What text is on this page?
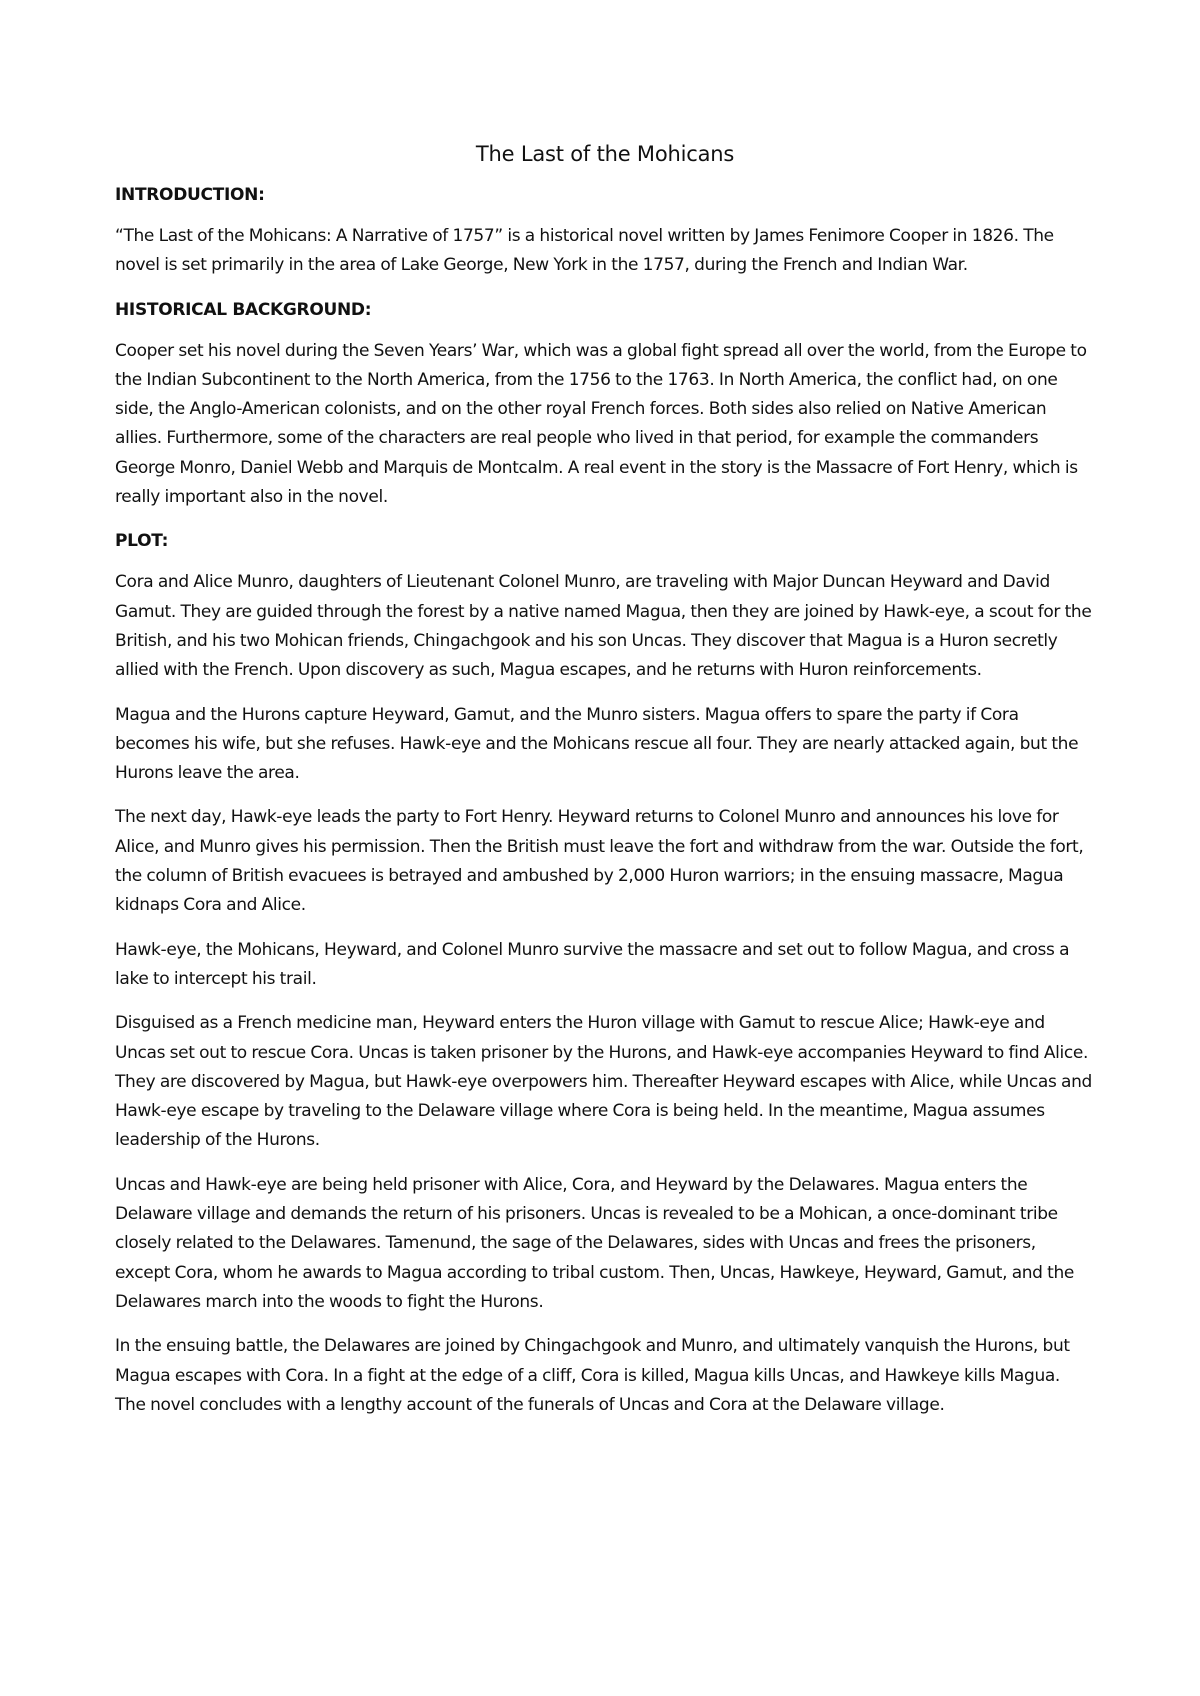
The Last of the Mohicans
INTRODUCTION:

“The Last of the Mohicans: A Narrative of 1757” is a historical novel written by James Fenimore Cooper in 1826. The novel is set primarily in the area of Lake George, New York in the 1757, during the French and Indian War.

HISTORICAL BACKGROUND:

Cooper set his novel during the Seven Years’ War, which was a global fight spread all over the world, from the Europe to the Indian Subcontinent to the North America, from the 1756 to the 1763. In North America, the conflict had, on one side, the Anglo-American colonists, and on the other royal French forces. Both sides also relied on Native American allies. Furthermore, some of the characters are real people who lived in that period, for example the commanders George Monro, Daniel Webb and Marquis de Montcalm. A real event in the story is the Massacre of Fort Henry, which is really important also in the novel.

PLOT:

Cora and Alice Munro, daughters of Lieutenant Colonel Munro, are traveling with Major Duncan Heyward and David Gamut. They are guided through the forest by a native named Magua, then they are joined by Hawk-eye, a scout for the British, and his two Mohican friends, Chingachgook and his son Uncas. They discover that Magua is a Huron secretly allied with the French. Upon discovery as such, Magua escapes, and he returns with Huron reinforcements.

Magua and the Hurons capture Heyward, Gamut, and the Munro sisters. Magua offers to spare the party if Cora becomes his wife, but she refuses. Hawk-eye and the Mohicans rescue all four. They are nearly attacked again, but the Hurons leave the area.

The next day, Hawk-eye leads the party to Fort Henry. Heyward returns to Colonel Munro and announces his love for Alice, and Munro gives his permission. Then the British must leave the fort and withdraw from the war. Outside the fort, the column of British evacuees is betrayed and ambushed by 2,000 Huron warriors; in the ensuing massacre, Magua kidnaps Cora and Alice.

Hawk-eye, the Mohicans, Heyward, and Colonel Munro survive the massacre and set out to follow Magua, and cross a lake to intercept his trail.

Disguised as a French medicine man, Heyward enters the Huron village with Gamut to rescue Alice; Hawk-eye and Uncas set out to rescue Cora. Uncas is taken prisoner by the Hurons, and Hawk-eye accompanies Heyward to find Alice. They are discovered by Magua, but Hawk-eye overpowers him. Thereafter Heyward escapes with Alice, while Uncas and Hawk-eye escape by traveling to the Delaware village where Cora is being held. In the meantime, Magua assumes leadership of the Hurons.

Uncas and Hawk-eye are being held prisoner with Alice, Cora, and Heyward by the Delawares. Magua enters the Delaware village and demands the return of his prisoners. Uncas is revealed to be a Mohican, a once-dominant tribe closely related to the Delawares. Tamenund, the sage of the Delawares, sides with Uncas and frees the prisoners, except Cora, whom he awards to Magua according to tribal custom. Then, Uncas, Hawkeye, Heyward, Gamut, and the Delawares march into the woods to fight the Hurons.

In the ensuing battle, the Delawares are joined by Chingachgook and Munro, and ultimately vanquish the Hurons, but Magua escapes with Cora. In a fight at the edge of a cliff, Cora is killed, Magua kills Uncas, and Hawkeye kills Magua. The novel concludes with a lengthy account of the funerals of Uncas and Cora at the Delaware village.
